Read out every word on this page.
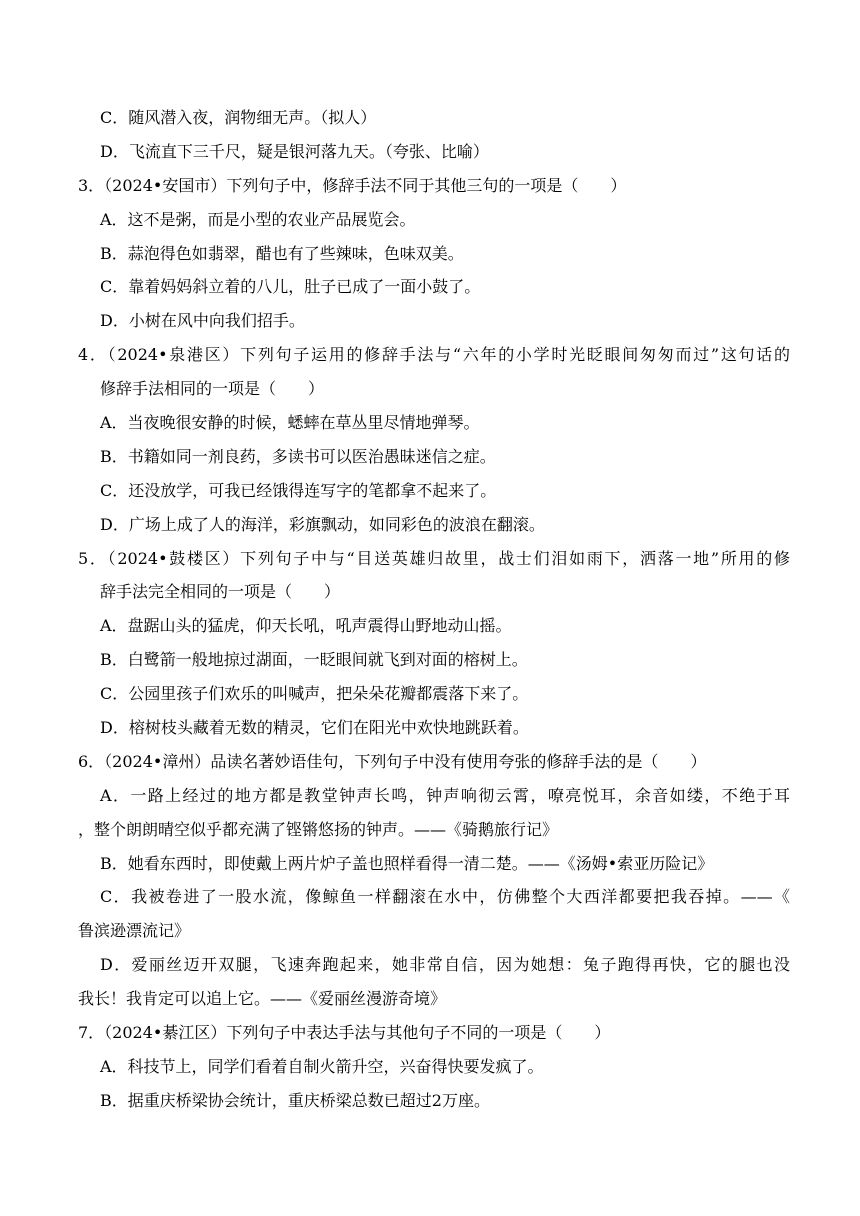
C．随风潜入夜，润物细无声。（拟人）
D．飞流直下三千尺，疑是银河落九天。（夸张、比喻）
3．（2024•安国市）下列句子中，修辞手法不同于其他三句的一项是（　　）
A．这不是粥，而是小型的农业产品展览会。
B．蒜泡得色如翡翠，醋也有了些辣味，色味双美。
C．靠着妈妈斜立着的八儿，肚子已成了一面小鼓了。
D．小树在风中向我们招手。
4．（2024•泉港区）下列句子运用的修辞手法与“六年的小学时光眨眼间匆匆而过”这句话的
修辞手法相同的一项是（　　）
A．当夜晚很安静的时候，蟋蟀在草丛里尽情地弹琴。
B．书籍如同一剂良药，多读书可以医治愚昧迷信之症。
C．还没放学，可我已经饿得连写字的笔都拿不起来了。
D．广场上成了人的海洋，彩旗飘动，如同彩色的波浪在翻滚。
5．（2024•鼓楼区）下列句子中与“目送英雄归故里，战士们泪如雨下，洒落一地”所用的修
辞手法完全相同的一项是（　　）
A．盘踞山头的猛虎，仰天长吼，吼声震得山野地动山摇。
B．白鹭箭一般地掠过湖面，一眨眼间就飞到对面的榕树上。
C．公园里孩子们欢乐的叫喊声，把朵朵花瓣都震落下来了。
D．榕树枝头藏着无数的精灵，它们在阳光中欢快地跳跃着。
6．（2024•漳州）品读名著妙语佳句，下列句子中没有使用夸张的修辞手法的是（　　）
A．一路上经过的地方都是教堂钟声长鸣，钟声响彻云霄，嘹亮悦耳，余音如缕，不绝于耳
，整个朗朗晴空似乎都充满了铿锵悠扬的钟声。——《骑鹅旅行记》
B．她看东西时，即使戴上两片炉子盖也照样看得一清二楚。——《汤姆•索亚历险记》
C．我被卷进了一股水流，像鲸鱼一样翻滚在水中，仿佛整个大西洋都要把我吞掉。——《
鲁滨逊漂流记》
D．爱丽丝迈开双腿，飞速奔跑起来，她非常自信，因为她想：兔子跑得再快，它的腿也没
我长！我肯定可以追上它。——《爱丽丝漫游奇境》
7．（2024•綦江区）下列句子中表达手法与其他句子不同的一项是（　　）
A．科技节上，同学们看着自制火箭升空，兴奋得快要发疯了。
B．据重庆桥梁协会统计，重庆桥梁总数已超过2万座。
